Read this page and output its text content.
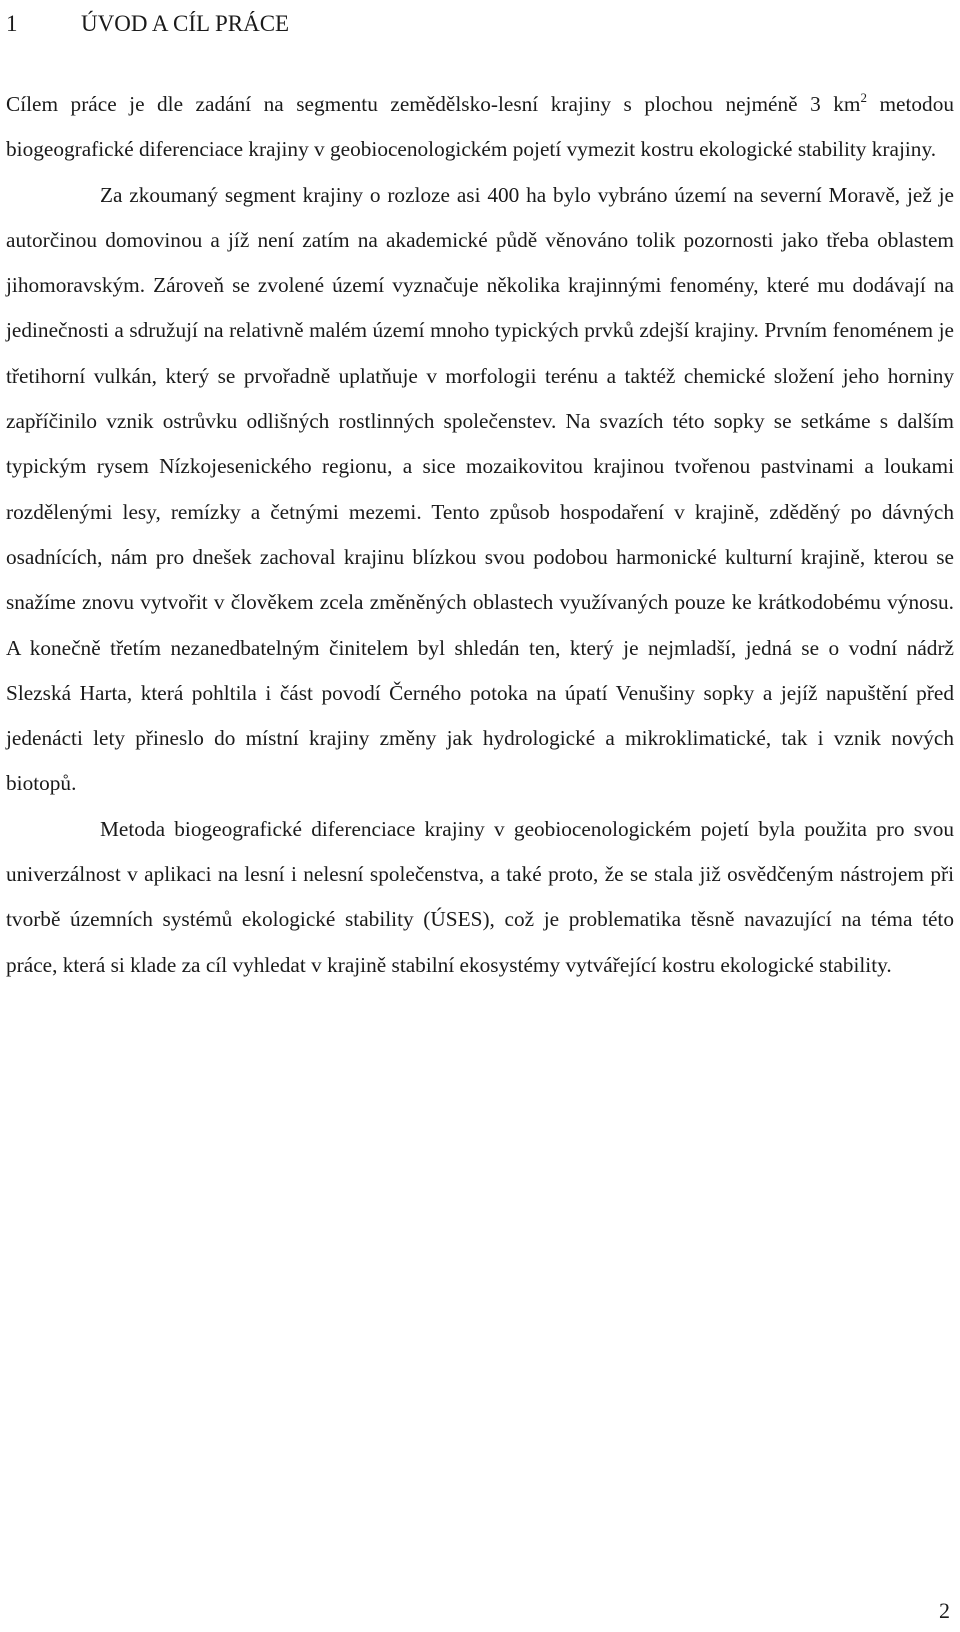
1	ÚVOD A CÍL PRÁCE

Cílem práce je dle zadání na segmentu zemědělsko-lesní krajiny s plochou nejméně 3 $km^2$ metodou biogeografické diferenciace krajiny v geobiocenologickém pojetí vymezit kostru ekologické stability krajiny.

Za zkoumaný segment krajiny o rozloze asi 400 ha bylo vybráno území na severní Moravě, jež je autorčinou domovinou a jíž není zatím na akademické půdě věnováno tolik pozornosti jako třeba oblastem jihomoravským. Zároveň se zvolené území vyznačuje několika krajinnými fenomény, které mu dodávají na jedinečnosti a sdružují na relativně malém území mnoho typických prvků zdejší krajiny. Prvním fenoménem je třetihorní vulkán, který se prvořadně uplatňuje v morfologii terénu a taktéž chemické složení jeho horniny zapříčinilo vznik ostrůvku odlišných rostlinných společenstev. Na svazích této sopky se setkáme s dalším typickým rysem Nízkojesenického regionu, a sice mozaikovitou krajinou tvořenou pastvinami a loukami rozdělenými lesy, remízky a četnými mezemi. Tento způsob hospodaření v krajině, zděděný po dávných osadnících, nám pro dnešek zachoval krajinu blízkou svou podobou harmonické kulturní krajině, kterou se snažíme znovu vytvořit v člověkem zcela změněných oblastech využívaných pouze ke krátkodobému výnosu. A konečně třetím nezanedbatelným činitelem byl shledán ten, který je nejmladší, jedná se o vodní nádrž Slezská Harta, která pohltila i část povodí Černého potoka na úpatí Venušiny sopky a jejíž napuštění před jedenácti lety přineslo do místní krajiny změny jak hydrologické a mikroklimatické, tak i vznik nových biotopů.

Metoda biogeografické diferenciace krajiny v geobiocenologickém pojetí byla použita pro svou univerzálnost v aplikaci na lesní i nelesní společenstva, a také proto, že se stala již osvědčeným nástrojem při tvorbě územních systémů ekologické stability (ÚSES), což je problematika těsně navazující na téma této práce, která si klade za cíl vyhledat v krajině stabilní ekosystémy vytvářející kostru ekologické stability.

2
